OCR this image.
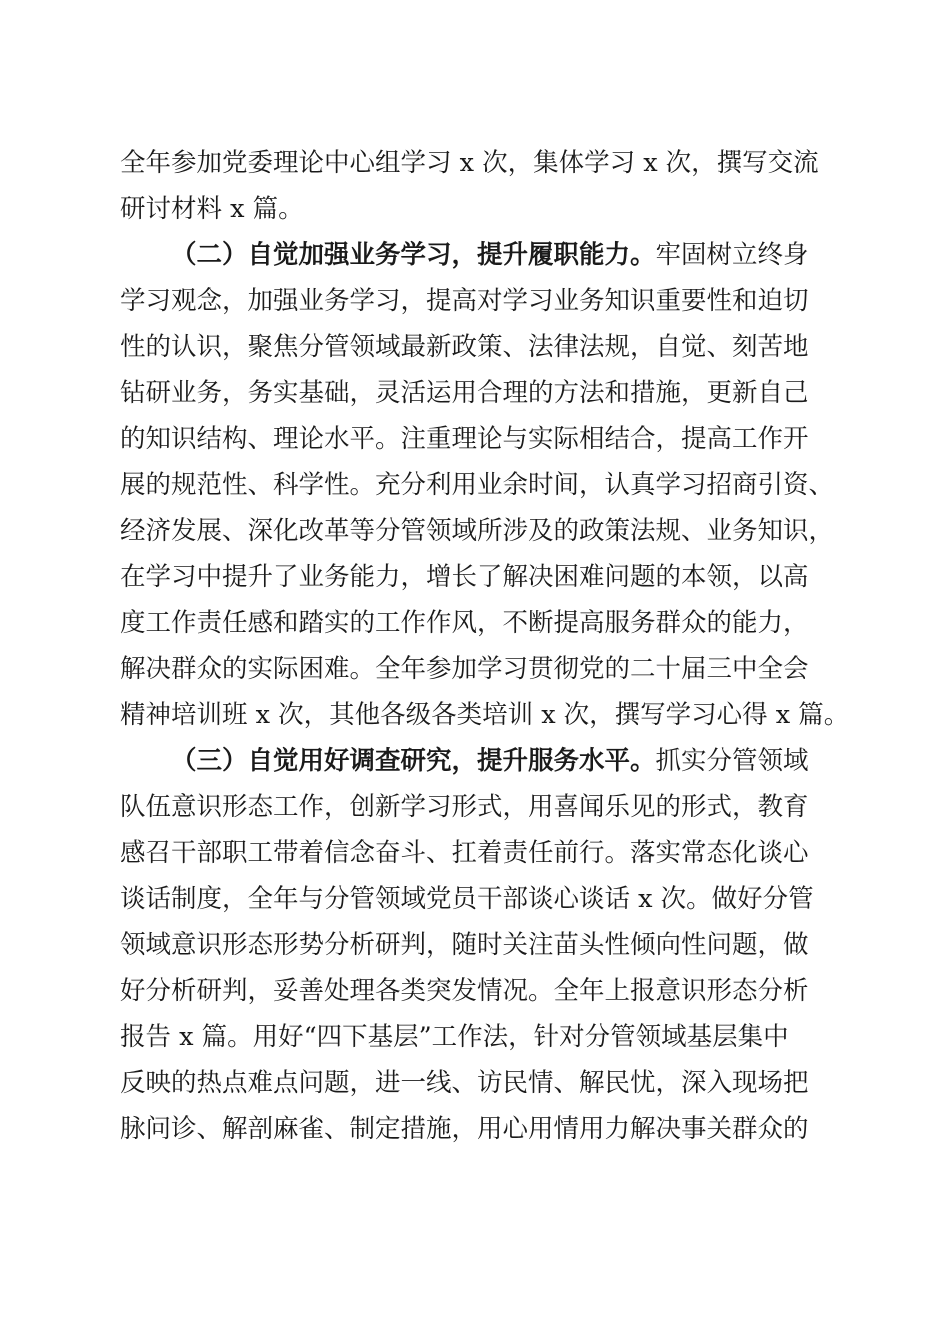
全年参加党委理论中心组学习 x 次，集体学习 x 次，撰写交流
研讨材料 x 篇。
（二）自觉加强业务学习，提升履职能力。牢固树立终身
学习观念，加强业务学习，提高对学习业务知识重要性和迫切
性的认识，聚焦分管领域最新政策、法律法规，自觉、刻苦地
钻研业务，务实基础，灵活运用合理的方法和措施，更新自己
的知识结构、理论水平。注重理论与实际相结合，提高工作开
展的规范性、科学性。充分利用业余时间，认真学习招商引资、
经济发展、深化改革等分管领域所涉及的政策法规、业务知识，
在学习中提升了业务能力，增长了解决困难问题的本领，以高
度工作责任感和踏实的工作作风，不断提高服务群众的能力，
解决群众的实际困难。全年参加学习贯彻党的二十届三中全会
精神培训班 x 次，其他各级各类培训 x 次，撰写学习心得 x 篇。
（三）自觉用好调查研究，提升服务水平。抓实分管领域
队伍意识形态工作，创新学习形式，用喜闻乐见的形式，教育
感召干部职工带着信念奋斗、扛着责任前行。落实常态化谈心
谈话制度，全年与分管领域党员干部谈心谈话 x 次。做好分管
领域意识形态形势分析研判，随时关注苗头性倾向性问题，做
好分析研判，妥善处理各类突发情况。全年上报意识形态分析
报告 x 篇。用好“四下基层”工作法，针对分管领域基层集中
反映的热点难点问题，进一线、访民情、解民忧，深入现场把
脉问诊、解剖麻雀、制定措施，用心用情用力解决事关群众的
